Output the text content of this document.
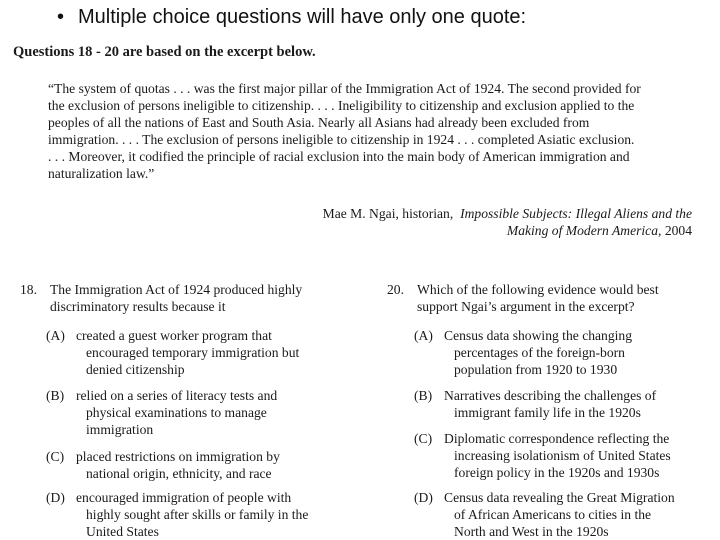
• Multiple choice questions will have only one quote:
Questions 18 - 20 are based on the excerpt below.
“The system of quotas . . . was the first major pillar of the Immigration Act of 1924. The second provided for
the exclusion of persons ineligible to citizenship. . . . Ineligibility to citizenship and exclusion applied to the
peoples of all the nations of East and South Asia. Nearly all Asians had already been excluded from
immigration. . . . The exclusion of persons ineligible to citizenship in 1924 . . . completed Asiatic exclusion.
. . . Moreover, it codified the principle of racial exclusion into the main body of American immigration and
naturalization law.”
Mae M. Ngai, historian, Impossible Subjects: Illegal Aliens and the
Making of Modern America, 2004
18. The Immigration Act of 1924 produced highly
discriminatory results because it
(A) created a guest worker program that
encouraged temporary immigration but
denied citizenship
(B) relied on a series of literacy tests and
physical examinations to manage
immigration
(C) placed restrictions on immigration by
national origin, ethnicity, and race
(D) encouraged immigration of people with
highly sought after skills or family in the
United States
20. Which of the following evidence would best
support Ngai’s argument in the excerpt?
(A) Census data showing the changing
percentages of the foreign-born
population from 1920 to 1930
(B) Narratives describing the challenges of
immigrant family life in the 1920s
(C) Diplomatic correspondence reflecting the
increasing isolationism of United States
foreign policy in the 1920s and 1930s
(D) Census data revealing the Great Migration
of African Americans to cities in the
North and West in the 1920s
